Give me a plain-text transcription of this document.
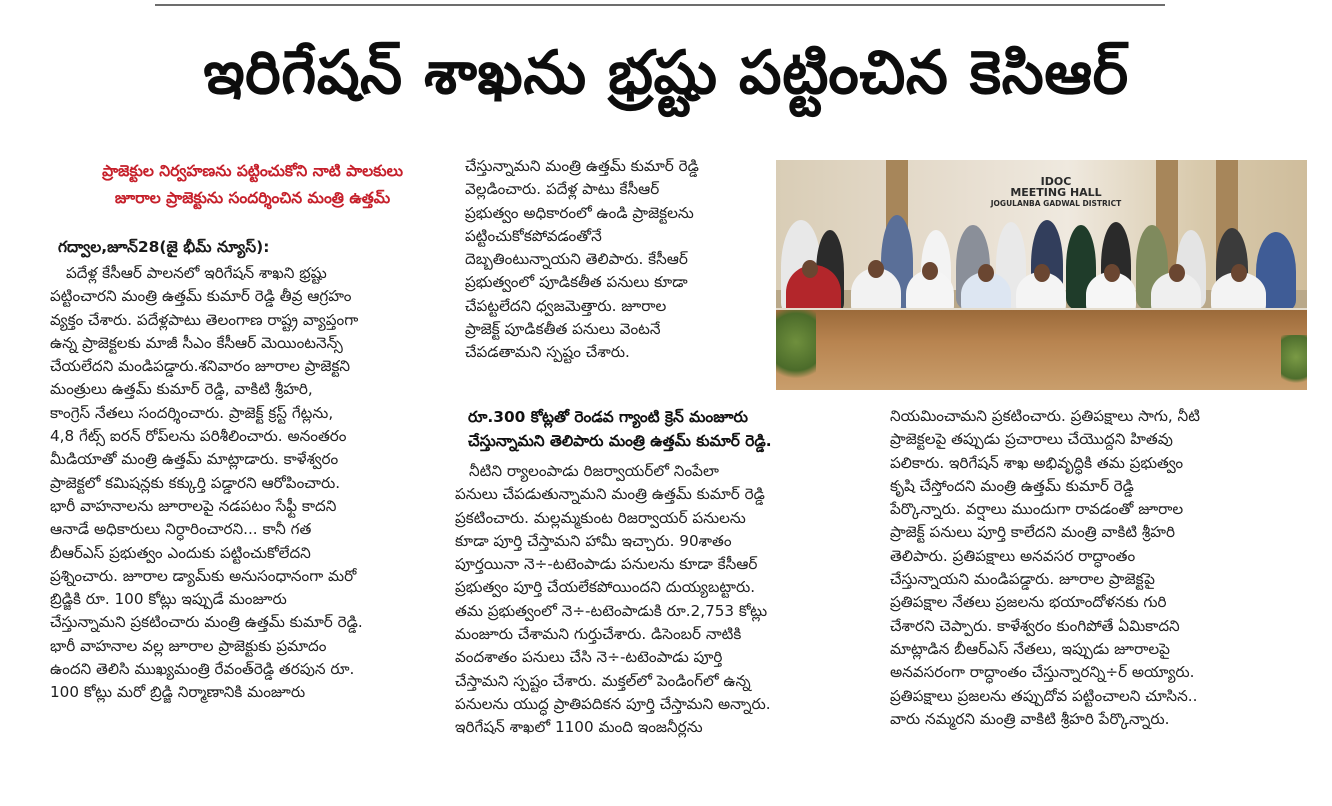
ఇరిగేషన్ శాఖను భ్రష్టు పట్టించిన కెసిఆర్
ప్రాజెక్టుల నిర్వహణను పట్టించుకోని నాటి పాలకులు
జూరాల ప్రాజెక్టును సందర్శించిన మంత్రి ఉత్తమ్
గద్వాల,జూన్28(జై భీమ్ న్యూస్):
పదేళ్ల కేసీఆర్ పాలనలో ఇరిగేషన్ శాఖని భ్రష్టు
పట్టించారని మంత్రి ఉత్తమ్ కుమార్ రెడ్డి తీవ్ర ఆగ్రహం
వ్యక్తం చేశారు. పదేళ్లపాటు తెలంగాణ రాష్ట్ర వ్యాప్తంగా
ఉన్న ప్రాజెక్టలకు మాజీ సీఎం కేసీఆర్ మెయింటనెన్స్
చేయలేదని మండిపడ్డారు.శనివారం జూరాల ప్రాజెక్టని
మంత్రులు ఉత్తమ్ కుమార్ రెడ్డి, వాకిటి శ్రీహరి,
కాంగ్రెస్ నేతలు సందర్శించారు. ప్రాజెక్ట్ క్రస్ట్ గేట్లను,
4,8 గేట్స్ ఐరన్ రోప్‌లను పరిశీలించారు. అనంతరం
మీడియాతో మంత్రి ఉత్తమ్ మాట్లాడారు. కాళేశ్వరం
ప్రాజెక్టలో కమిషన్లకు కక్కుర్తి పడ్డారని ఆరోపించారు.
భారీ వాహనాలను జూరాలపై నడపటం సేఫ్టీ కాదని
ఆనాడే అధికారులు నిర్ధారించారని... కానీ గత
బీఆర్ఎస్ ప్రభుత్వం ఎందుకు పట్టించుకోలేదని
ప్రశ్నించారు. జూరాల డ్యామ్‌కు అనుసంధానంగా మరో
బ్రిడ్జికి రూ. 100 కోట్లు ఇప్పుడే మంజూరు
చేస్తున్నామని ప్రకటించారు మంత్రి ఉత్తమ్ కుమార్ రెడ్డి.
భారీ వాహనాల వల్ల జూరాల ప్రాజెక్టుకు ప్రమాదం
ఉందని తెలిసి ముఖ్యమంత్రి రేవంత్‌రెడ్డి తరపున రూ.
100 కోట్లు మరో బ్రిడ్జి నిర్మాణానికి మంజూరు
చేస్తున్నామని మంత్రి ఉత్తమ్ కుమార్ రెడ్డి
వెల్లడించారు. పదేళ్ల పాటు కేసీఆర్
ప్రభుత్వం అధికారంలో ఉండి ప్రాజెక్టలను
పట్టించుకోకపోవడంతోనే
దెబ్బతింటున్నాయని తెలిపారు. కేసీఆర్
ప్రభుత్వంలో పూడికతీత పనులు కూడా
చేపట్టలేదని ధ్వజమెత్తారు. జూరాల
ప్రాజెక్ట్ పూడికతీత పనులు వెంటనే
చేపడతామని స్పష్టం చేశారు.
IDOC
MEETING HALL
JOGULANBA GADWAL DISTRICT
రూ.300 కోట్లతో రెండవ గ్యాంటి క్రెన్ మంజూరు
చేస్తున్నామని తెలిపారు మంత్రి ఉత్తమ్ కుమార్ రెడ్డి.
నీటిని ర్యాలంపాడు రిజర్వాయర్‌లో నింపేలా
పనులు చేపడుతున్నామని మంత్రి ఉత్తమ్ కుమార్ రెడ్డి
ప్రకటించారు. మల్లమ్మకుంట రిజర్వాయర్ పనులను
కూడా పూర్తి చేస్తామని హామీ ఇచ్చారు. 90శాతం
పూర్తయినా నె÷-టటెంపాడు పనులను కూడా కేసీఆర్
ప్రభుత్వం పూర్తి చేయలేకపోయిందని దుయ్యబట్టారు.
తమ ప్రభుత్వంలో నె÷-టటెంపాడుకి రూ.2,753 కోట్లు
మంజూరు చేశామని గుర్తుచేశారు. డిసెంబర్ నాటికి
వందశాతం పనులు చేసి నె÷-టటెంపాడు పూర్తి
చేస్తామని స్పష్టం చేశారు. మక్తల్‌లో పెండింగ్‌లో ఉన్న
పనులను యుద్ధ ప్రాతిపదికన పూర్తి చేస్తామని అన్నారు.
ఇరిగేషన్ శాఖలో 1100 మంది ఇంజనీర్లను
నియమించామని ప్రకటించారు. ప్రతిపక్షాలు సాగు, నీటి
ప్రాజెక్టలపై తప్పుడు ప్రచారాలు చేయొద్దని హితవు
పలికారు. ఇరిగేషన్ శాఖ అభివృద్ధికి తమ ప్రభుత్వం
కృషి చేస్తోందని మంత్రి ఉత్తమ్ కుమార్ రెడ్డి
పేర్కొన్నారు. వర్షాలు ముందుగా రావడంతో జూరాల
ప్రాజెక్ట్ పనులు పూర్తి కాలేదని మంత్రి వాకిటి శ్రీహరి
తెలిపారు. ప్రతిపక్షాలు అనవసర రాద్ధాంతం
చేస్తున్నాయని మండిపడ్డారు. జూరాల ప్రాజెక్టపై
ప్రతిపక్షాల నేతలు ప్రజలను భయాందోళనకు గురి
చేశారని చెప్పారు. కాళేశ్వరం కుంగిపోతే ఏమికాదని
మాట్లాడిన బీఆర్ఎస్ నేతలు, ఇప్పుడు జూరాలపై
అనవసరంగా రాద్ధాంతం చేస్తున్నారన్ని÷ర్ అయ్యారు.
ప్రతిపక్షాలు ప్రజలను తప్పుదోవ పట్టించాలని చూసిన..
వారు నమ్మరని మంత్రి వాకిటి శ్రీహరి పేర్కొన్నారు.
